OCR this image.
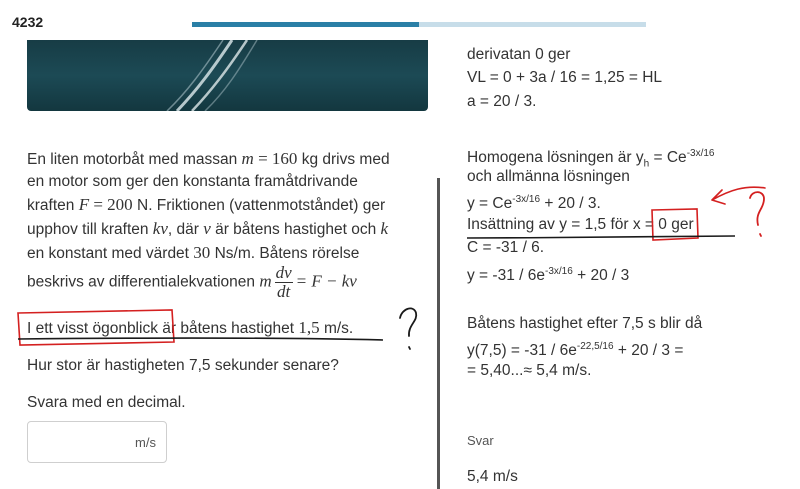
4232
En liten motorbåt med massan m = 160 kg drivs med
en motor som ger den konstanta framåtdrivande
kraften F = 200 N. Friktionen (vattenmotståndet) ger
upphov till kraften kv, där v är båtens hastighet och k
en konstant med värdet 30 Ns/m. Båtens rörelse
beskrivs av differentialekvationen m $\frac{dv}{dt} = F$ − kv
I ett visst ögonblick är båtens hastighet 1,5 m/s.
Hur stor är hastigheten 7,5 sekunder senare?
Svara med en decimal.
m/s
derivatan 0 ger
VL = 0 + 3a / 16 = 1,25 = HL
a = 20 / 3.
Homogena lösningen är $y_h = Ce^{-3x/16}$
och allmänna lösningen
$y = Ce^{-3x/16} + 20 / 3$.
Insättning av y = 1,5 för x = 0 ger
C = -31 / 6.
$y = -31 / 6e^{-3x/16} + 20 / 3$
Båtens hastighet efter 7,5 s blir då
$y(7,5) = -31 / 6e^{-22,5/16} + 20 / 3$ =
= 5,40...≈ 5,4 m/s.
Svar
5,4 m/s
